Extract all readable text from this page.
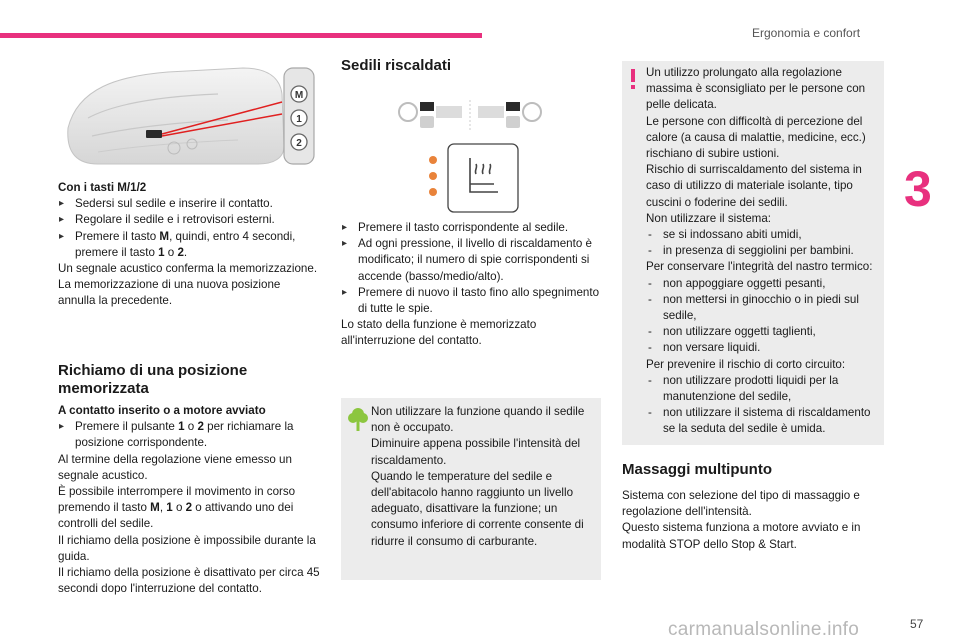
Ergonomia e confort
3
M
1
2

Con i tasti M/1/2

▸ Sedersi sul sedile e inserire il contatto.

▸ Regolare il sedile e i retrovisori esterni.

▸ Premere il tasto M, quindi, entro 4 secondi, premere il tasto 1 o 2.

Un segnale acustico conferma la memorizzazione.

La memorizzazione di una nuova posizione annulla la precedente.

Richiamo di una posizione memorizzata

A contatto inserito o a motore avviato

▸ Premere il pulsante 1 o 2 per richiamare la posizione corrispondente.

Al termine della regolazione viene emesso un segnale acustico.

È possibile interrompere il movimento in corso premendo il tasto M, 1 o 2 o attivando uno dei controlli del sedile.

Il richiamo della posizione è impossibile durante la guida.

Il richiamo della posizione è disattivato per circa 45 secondi dopo l'interruzione del contatto.

Sedili riscaldati

▸ Premere il tasto corrispondente al sedile.

▸ Ad ogni pressione, il livello di riscaldamento è modificato; il numero di spie corrispondenti si accende (basso/medio/alto).

▸ Premere di nuovo il tasto fino allo spegnimento di tutte le spie.

Lo stato della funzione è memorizzato all'interruzione del contatto.

Non utilizzare la funzione quando il sedile non è occupato.

Diminuire appena possibile l'intensità del riscaldamento.

Quando le temperature del sedile e dell'abitacolo hanno raggiunto un livello adeguato, disattivare la funzione; un consumo inferiore di corrente consente di ridurre il consumo di carburante.

Un utilizzo prolungato alla regolazione massima è sconsigliato per le persone con pelle delicata.

Le persone con difficoltà di percezione del calore (a causa di malattie, medicine, ecc.) rischiano di subire ustioni.

Rischio di surriscaldamento del sistema in caso di utilizzo di materiale isolante, tipo cuscini o foderine dei sedili.

Non utilizzare il sistema:

- se si indossano abiti umidi,

- in presenza di seggiolini per bambini.

Per conservare l'integrità del nastro termico:

- non appoggiare oggetti pesanti,

- non mettersi in ginocchio o in piedi sul sedile,

- non utilizzare oggetti taglienti,

- non versare liquidi.

Per prevenire il rischio di corto circuito:

- non utilizzare prodotti liquidi per la manutenzione del sedile,

- non utilizzare il sistema di riscaldamento se la seduta del sedile è umida.

Massaggi multipunto

Sistema con selezione del tipo di massaggio e regolazione dell'intensità.

Questo sistema funziona a motore avviato e in modalità STOP dello Stop & Start.

carmanualsonline.info	57
